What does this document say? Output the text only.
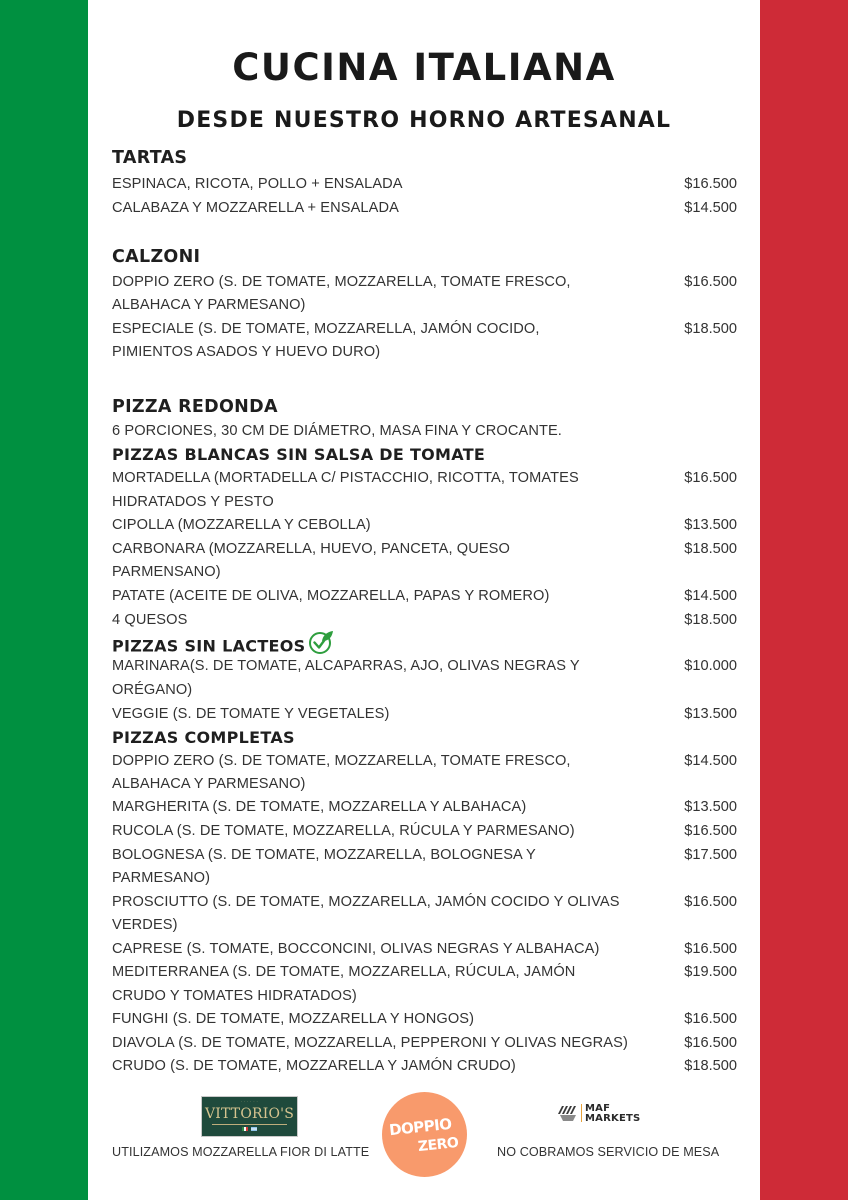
CUCINA ITALIANA
DESDE NUESTRO HORNO ARTESANAL
TARTAS
ESPINACA, RICOTA, POLLO + ENSALADA	$16.500
CALABAZA Y MOZZARELLA + ENSALADA	$14.500
CALZONI
DOPPIO ZERO (S. DE TOMATE, MOZZARELLA, TOMATE FRESCO,	$16.500
ALBAHACA Y PARMESANO)
ESPECIALE (S. DE TOMATE, MOZZARELLA, JAMÓN COCIDO,	$18.500
PIMIENTOS ASADOS Y HUEVO DURO)
PIZZA REDONDA
6 PORCIONES, 30 CM DE DIÁMETRO, MASA FINA Y CROCANTE.
PIZZAS BLANCAS SIN SALSA DE TOMATE
MORTADELLA (MORTADELLA C/ PISTACCHIO, RICOTTA, TOMATES	$16.500
HIDRATADOS Y PESTO
CIPOLLA (MOZZARELLA Y CEBOLLA)	$13.500
CARBONARA (MOZZARELLA, HUEVO, PANCETA, QUESO	$18.500
PARMENSANO)
PATATE (ACEITE DE OLIVA, MOZZARELLA, PAPAS Y ROMERO)	$14.500
4 QUESOS	$18.500
PIZZAS SIN LACTEOS
MARINARA(S. DE TOMATE, ALCAPARRAS, AJO, OLIVAS NEGRAS Y	$10.000
ORÉGANO)
VEGGIE (S. DE TOMATE Y VEGETALES)	$13.500
PIZZAS COMPLETAS
DOPPIO ZERO (S. DE TOMATE, MOZZARELLA, TOMATE FRESCO,	$14.500
ALBAHACA Y PARMESANO)
MARGHERITA (S. DE TOMATE, MOZZARELLA Y ALBAHACA)	$13.500
RUCOLA (S. DE TOMATE, MOZZARELLA, RÚCULA Y PARMESANO)	$16.500
BOLOGNESA (S. DE TOMATE, MOZZARELLA, BOLOGNESA Y	$17.500
PARMESANO)
PROSCIUTTO (S. DE TOMATE, MOZZARELLA, JAMÓN COCIDO Y OLIVAS	$16.500
VERDES)
CAPRESE (S. TOMATE, BOCCONCINI, OLIVAS NEGRAS Y ALBAHACA)	$16.500
MEDITERRANEA (S. DE TOMATE, MOZZARELLA, RÚCULA, JAMÓN	$19.500
CRUDO Y TOMATES HIDRATADOS)
FUNGHI (S. DE TOMATE, MOZZARELLA Y HONGOS)	$16.500
DIAVOLA (S. DE TOMATE, MOZZARELLA, PEPPERONI Y OLIVAS NEGRAS)	$16.500
CRUDO (S. DE TOMATE, MOZZARELLA Y JAMÓN CRUDO)	$18.500
· · · · · ·
VITTORIO'S
DOPPIO
ZERO
MAF
MARKETS
UTILIZAMOS MOZZARELLA FIOR DI LATTE	NO COBRAMOS SERVICIO DE MESA
